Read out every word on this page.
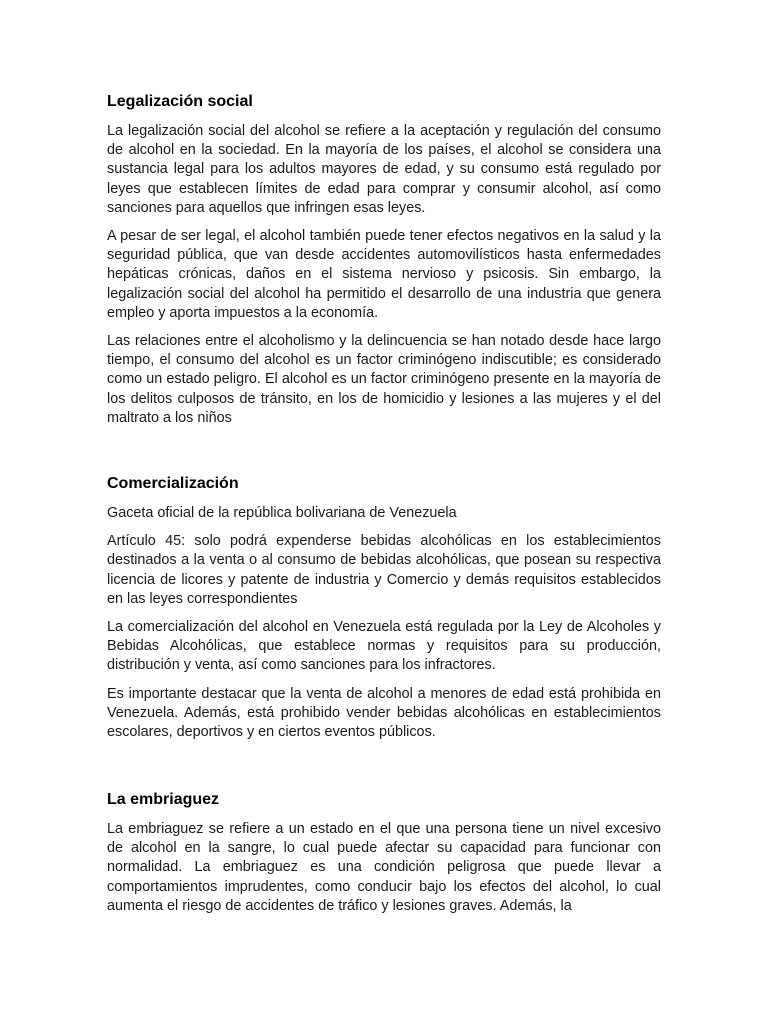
Legalización social

La legalización social del alcohol se refiere a la aceptación y regulación del consumo de alcohol en la sociedad. En la mayoría de los países, el alcohol se considera una sustancia legal para los adultos mayores de edad, y su consumo está regulado por leyes que establecen límites de edad para comprar y consumir alcohol, así como sanciones para aquellos que infringen esas leyes.

A pesar de ser legal, el alcohol también puede tener efectos negativos en la salud y la seguridad pública, que van desde accidentes automovilísticos hasta enfermedades hepáticas crónicas, daños en el sistema nervioso y psicosis. Sin embargo, la legalización social del alcohol ha permitido el desarrollo de una industria que genera empleo y aporta impuestos a la economía.

Las relaciones entre el alcoholismo y la delincuencia se han notado desde hace largo tiempo, el consumo del alcohol es un factor criminógeno indiscutible; es considerado como un estado peligro. El alcohol es un factor criminógeno presente en la mayoría de los delitos culposos de tránsito, en los de homicidio y lesiones a las mujeres y el del maltrato a los niños

Comercialización

Gaceta oficial de la república bolivariana de Venezuela

Artículo 45: solo podrá expenderse bebidas alcohólicas en los establecimientos destinados a la venta o al consumo de bebidas alcohólicas, que posean su respectiva licencia de licores y patente de industria y Comercio y demás requisitos establecidos en las leyes correspondientes

La comercialización del alcohol en Venezuela está regulada por la Ley de Alcoholes y Bebidas Alcohólicas, que establece normas y requisitos para su producción, distribución y venta, así como sanciones para los infractores.

Es importante destacar que la venta de alcohol a menores de edad está prohibida en Venezuela. Además, está prohibido vender bebidas alcohólicas en establecimientos escolares, deportivos y en ciertos eventos públicos.

La embriaguez

La embriaguez se refiere a un estado en el que una persona tiene un nivel excesivo de alcohol en la sangre, lo cual puede afectar su capacidad para funcionar con normalidad. La embriaguez es una condición peligrosa que puede llevar a comportamientos imprudentes, como conducir bajo los efectos del alcohol, lo cual aumenta el riesgo de accidentes de tráfico y lesiones graves. Además, la
